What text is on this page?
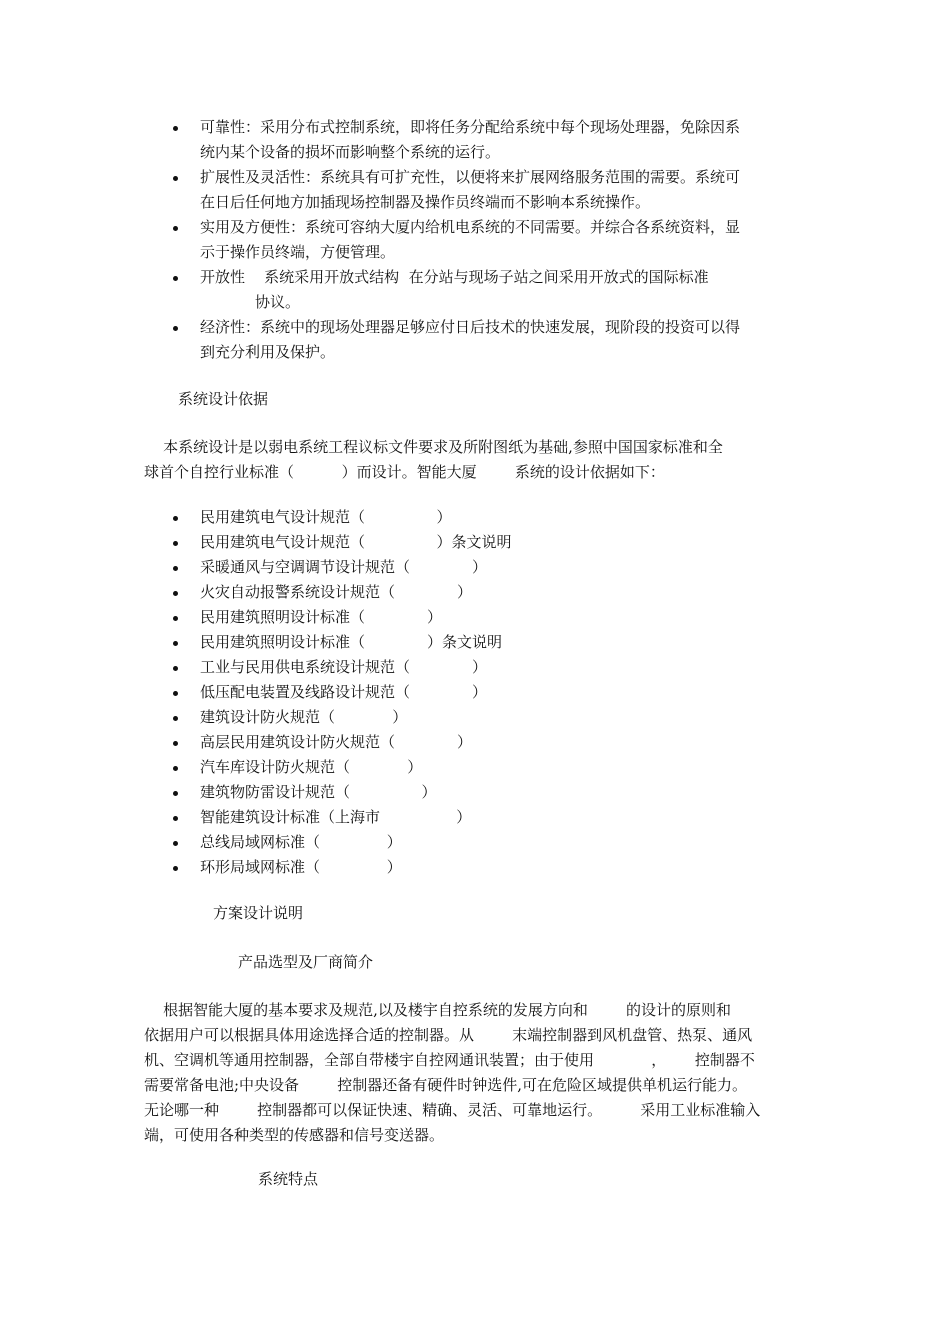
可靠性：采用分布式控制系统，即将任务分配给系统中每个现场处理器，免除因系
统内某个设备的损坏而影响整个系统的运行。
扩展性及灵活性：系统具有可扩充性，以便将来扩展网络服务范围的需要。系统可
在日后任何地方加插现场控制器及操作员终端而不影响本系统操作。
实用及方便性：系统可容纳大厦内给机电系统的不同需要。并综合各系统资料，显
示于操作员终端，方便管理。
开放性    系统采用开放式结构  在分站与现场子站之间采用开放式的国际标准
协议。
经济性：系统中的现场处理器足够应付日后技术的快速发展，现阶段的投资可以得
到充分利用及保护。
系统设计依据
本系统设计是以弱电系统工程议标文件要求及所附图纸为基础,参照中国国家标准和全
球首个自控行业标准（          ）而设计。智能大厦        系统的设计依据如下：
民用建筑电气设计规范（               ）
民用建筑电气设计规范（               ）条文说明
采暖通风与空调调节设计规范（             ）
火灾自动报警系统设计规范（             ）
民用建筑照明设计标准（             ）
民用建筑照明设计标准（             ）条文说明
工业与民用供电系统设计规范（             ）
低压配电装置及线路设计规范（             ）
建筑设计防火规范（            ）
高层民用建筑设计防火规范（             ）
汽车库设计防火规范（            ）
建筑物防雷设计规范（               ）
智能建筑设计标准（上海市                ）
总线局域网标准（              ）
环形局域网标准（              ）
方案设计说明
产品选型及厂商简介
根据智能大厦的基本要求及规范,以及楼宇自控系统的发展方向和        的设计的原则和
依据用户可以根据具体用途选择合适的控制器。从        末端控制器到风机盘管、热泵、通风
机、空调机等通用控制器，全部自带楼宇自控网通讯装置；由于使用            ，      控制器不
需要常备电池;中央设备        控制器还备有硬件时钟选件,可在危险区域提供单机运行能力。
无论哪一种        控制器都可以保证快速、精确、灵活、可靠地运行。        采用工业标准输入
端，可使用各种类型的传感器和信号变送器。
系统特点
